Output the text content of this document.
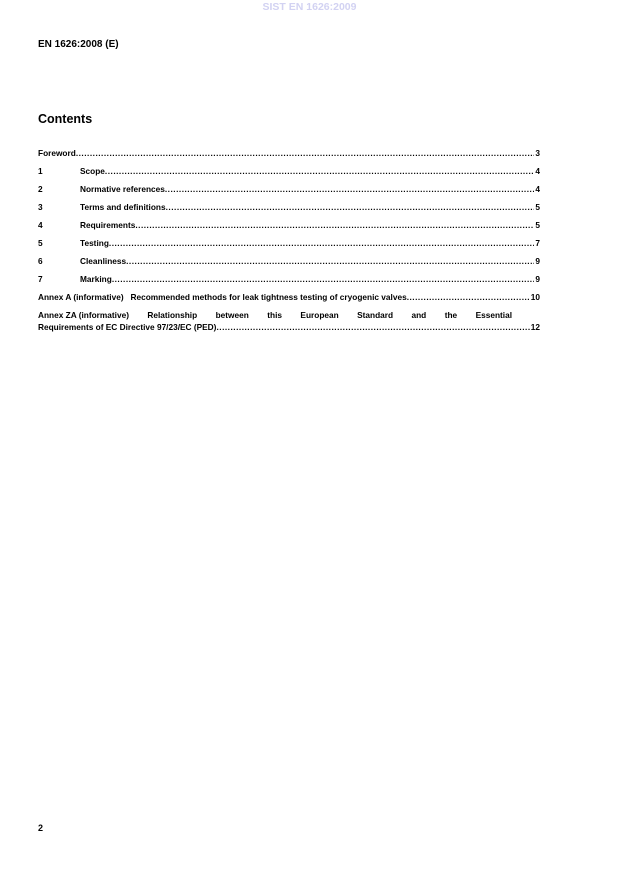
SIST EN 1626:2009
EN 1626:2008 (E)
Contents
Foreword .....	3
1	Scope .....	4
2	Normative references .....	4
3	Terms and definitions .....	5
4	Requirements .....	5
5	Testing .....	7
6	Cleanliness .....	9
7	Marking .....	9
Annex A (informative)   Recommended methods for leak tightness testing of cryogenic valves .....	10
Annex ZA (informative) Relationship between this European Standard and the Essential
Requirements of EC Directive 97/23/EC (PED) .....	12
2
